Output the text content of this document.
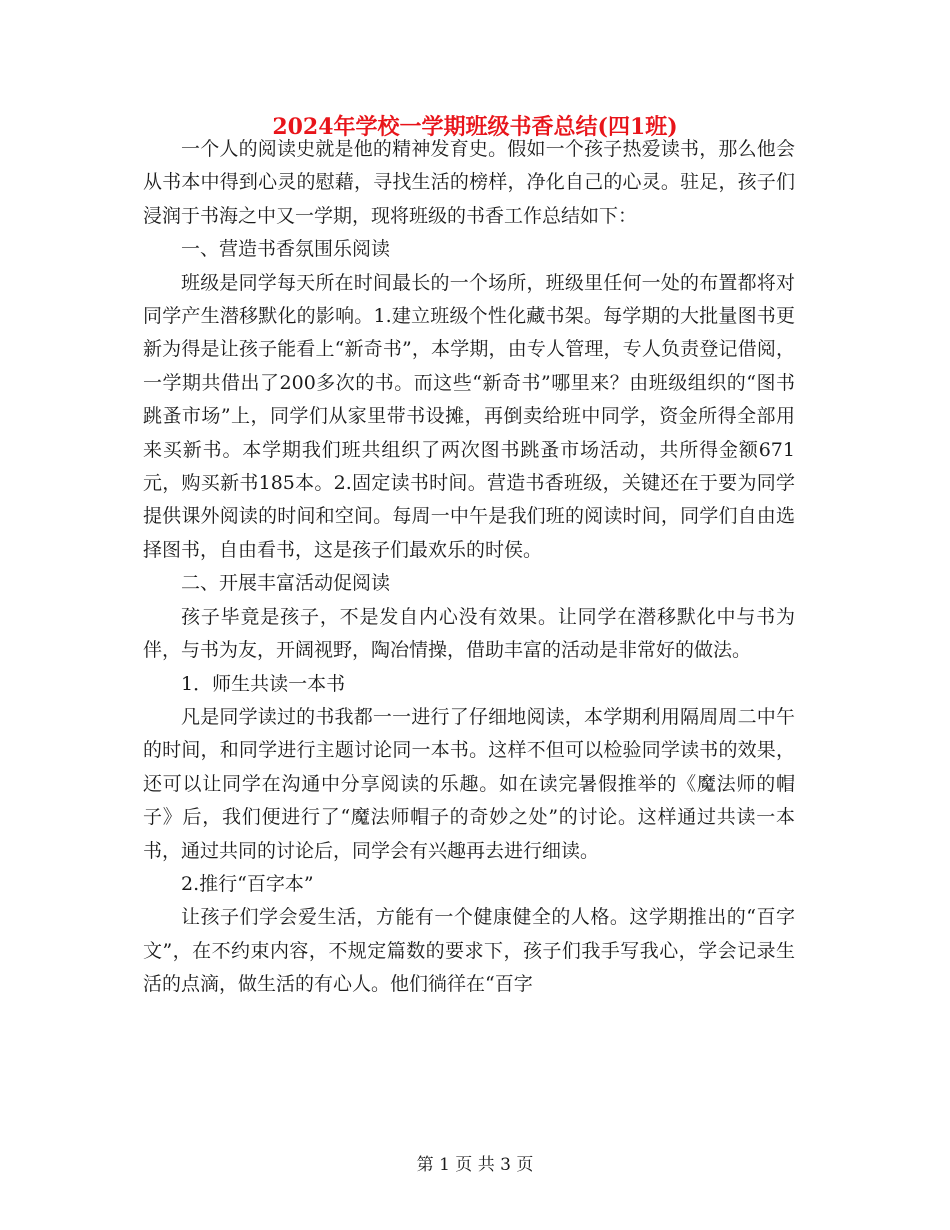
2024年学校一学期班级书香总结(四1班)

一个人的阅读史就是他的精神发育史。假如一个孩子热爱读书，那么他会从书本中得到心灵的慰藉，寻找生活的榜样，净化自己的心灵。驻足，孩子们浸润于书海之中又一学期，现将班级的书香工作总结如下：

一、营造书香氛围乐阅读

班级是同学每天所在时间最长的一个场所，班级里任何一处的布置都将对同学产生潜移默化的影响。1.建立班级个性化藏书架。每学期的大批量图书更新为得是让孩子能看上“新奇书”，本学期，由专人管理，专人负责登记借阅，一学期共借出了200多次的书。而这些“新奇书”哪里来？由班级组织的“图书跳蚤市场”上，同学们从家里带书设摊，再倒卖给班中同学，资金所得全部用来买新书。本学期我们班共组织了两次图书跳蚤市场活动，共所得金额671元，购买新书185本。2.固定读书时间。营造书香班级，关键还在于要为同学提供课外阅读的时间和空间。每周一中午是我们班的阅读时间，同学们自由选择图书，自由看书，这是孩子们最欢乐的时侯。

二、开展丰富活动促阅读

孩子毕竟是孩子，不是发自内心没有效果。让同学在潜移默化中与书为伴，与书为友，开阔视野，陶冶情操，借助丰富的活动是非常好的做法。

1．师生共读一本书

凡是同学读过的书我都一一进行了仔细地阅读，本学期利用隔周周二中午的时间，和同学进行主题讨论同一本书。这样不但可以检验同学读书的效果，还可以让同学在沟通中分享阅读的乐趣。如在读完暑假推举的《魔法师的帽子》后，我们便进行了“魔法师帽子的奇妙之处”的讨论。这样通过共读一本书，通过共同的讨论后，同学会有兴趣再去进行细读。

2.推行“百字本”

让孩子们学会爱生活，方能有一个健康健全的人格。这学期推出的“百字文”，在不约束内容，不规定篇数的要求下，孩子们我手写我心，学会记录生活的点滴，做生活的有心人。他们徜徉在“百字

第 1 页 共 3 页
